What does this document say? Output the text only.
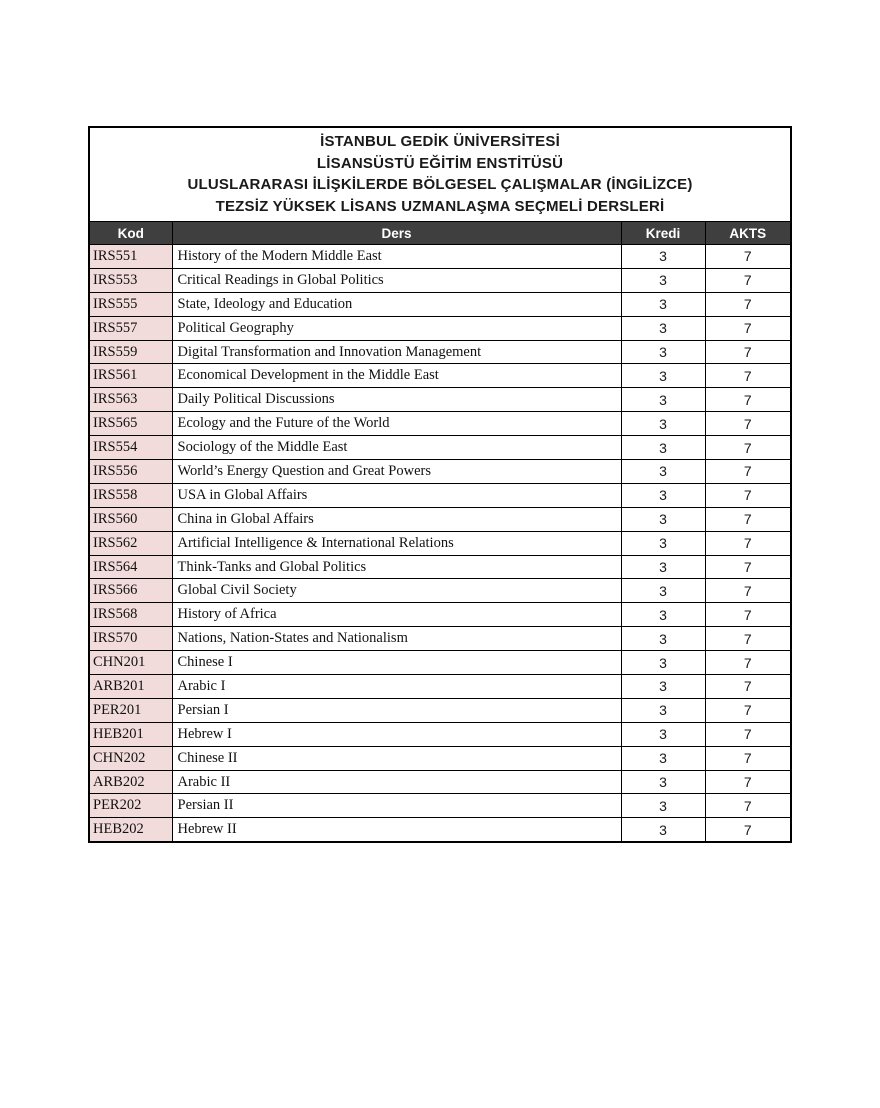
İSTANBUL GEDİK ÜNİVERSİTESİ
LİSANSÜSTÜ EĞİTİM ENSTİTÜSÜ
ULUSLARARASI İLİŞKİLERDE BÖLGESEL ÇALIŞMALAR (İNGİLİZCE)
TEZSİZ YÜKSEK LİSANS UZMANLAŞMA SEÇMELİ DERSLERİ			

Kod	Ders	Kredi	AKTS
IRS551	History of the Modern Middle East	3	7
IRS553	Critical Readings in Global Politics	3	7
IRS555	State, Ideology and Education	3	7
IRS557	Political Geography	3	7
IRS559	Digital Transformation and Innovation Management	3	7
IRS561	Economical Development in the Middle East	3	7
IRS563	Daily Political Discussions	3	7
IRS565	Ecology and the Future of the World	3	7
IRS554	Sociology of the Middle East	3	7
IRS556	World’s Energy Question and Great Powers	3	7
IRS558	USA in Global Affairs	3	7
IRS560	China in Global Affairs	3	7
IRS562	Artificial Intelligence & International Relations	3	7
IRS564	Think-Tanks and Global Politics	3	7
IRS566	Global Civil Society	3	7
IRS568	History of Africa	3	7
IRS570	Nations, Nation-States and Nationalism	3	7
CHN201	Chinese I	3	7
ARB201	Arabic I	3	7
PER201	Persian I	3	7
HEB201	Hebrew I	3	7
CHN202	Chinese II	3	7
ARB202	Arabic II	3	7
PER202	Persian II	3	7
HEB202	Hebrew II	3	7
